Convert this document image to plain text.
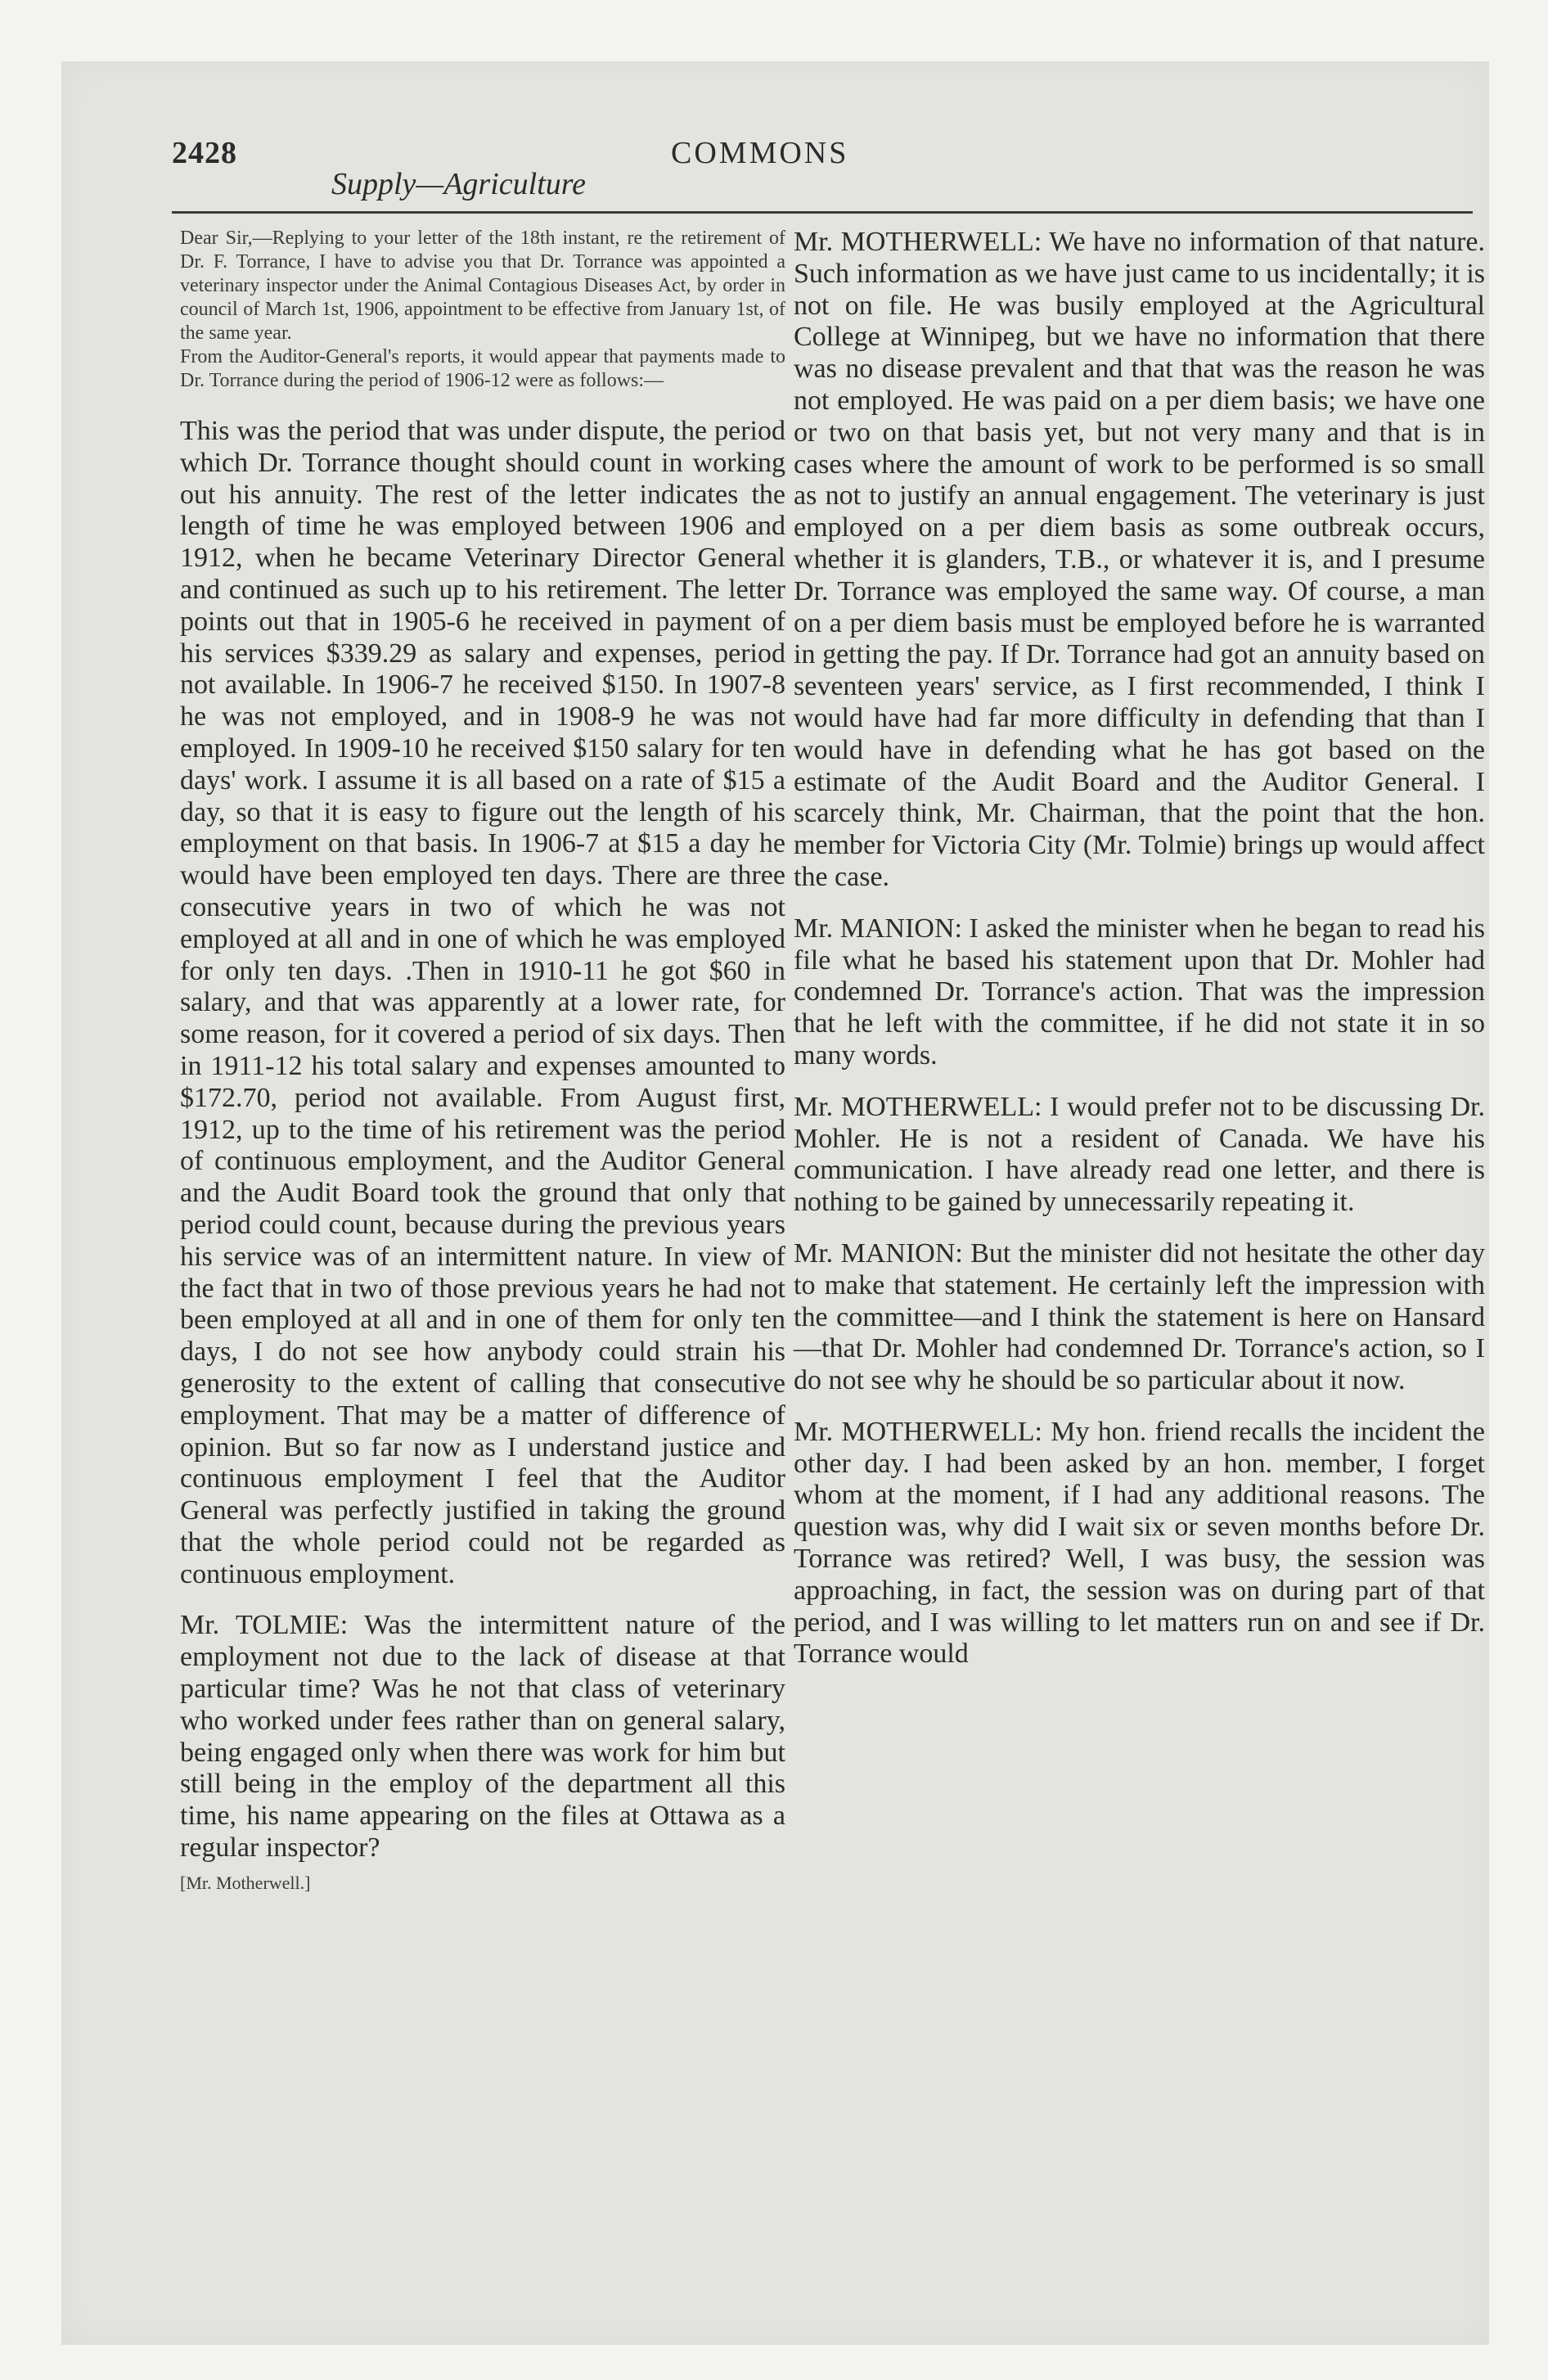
2428	COMMONS
Supply—Agriculture

Dear Sir,—Replying to your letter of the 18th instant, re the retirement of Dr. F. Torrance, I have to advise you that Dr. Torrance was appointed a veterinary inspector under the Animal Contagious Diseases Act, by order in council of March 1st, 1906, appointment to be effective from January 1st, of the same year.

From the Auditor-General's reports, it would appear that payments made to Dr. Torrance during the period of 1906-12 were as follows:—

This was the period that was under dispute, the period which Dr. Torrance thought should count in working out his annuity. The rest of the letter indicates the length of time he was employed between 1906 and 1912, when he became Veterinary Director General and continued as such up to his retirement. The letter points out that in 1905-6 he received in payment of his services $339.29 as salary and expenses, period not available. In 1906-7 he received $150. In 1907-8 he was not employed, and in 1908-9 he was not employed. In 1909-10 he received $150 salary for ten days' work. I assume it is all based on a rate of $15 a day, so that it is easy to figure out the length of his employment on that basis. In 1906-7 at $15 a day he would have been employed ten days. There are three consecutive years in two of which he was not employed at all and in one of which he was employed for only ten days. .Then in 1910-11 he got $60 in salary, and that was apparently at a lower rate, for some reason, for it covered a period of six days. Then in 1911-12 his total salary and expenses amounted to $172.70, period not available. From August first, 1912, up to the time of his retirement was the period of continuous employment, and the Auditor General and the Audit Board took the ground that only that period could count, because during the previous years his service was of an intermittent nature. In view of the fact that in two of those previous years he had not been employed at all and in one of them for only ten days, I do not see how anybody could strain his generosity to the extent of calling that consecutive employment. That may be a matter of difference of opinion. But so far now as I understand justice and continuous employment I feel that the Auditor General was perfectly justified in taking the ground that the whole period could not be regarded as continuous employment.

Mr. TOLMIE: Was the intermittent nature of the employment not due to the lack of disease at that particular time? Was he not that class of veterinary who worked under fees rather than on general salary, being engaged only when there was work for him but still being in the employ of the department all this time, his name appearing on the files at Ottawa as a regular inspector?

[Mr. Motherwell.]

Mr. MOTHERWELL: We have no information of that nature. Such information as we have just came to us incidentally; it is not on file. He was busily employed at the Agricultural College at Winnipeg, but we have no information that there was no disease prevalent and that that was the reason he was not employed. He was paid on a per diem basis; we have one or two on that basis yet, but not very many and that is in cases where the amount of work to be performed is so small as not to justify an annual engagement. The veterinary is just employed on a per diem basis as some outbreak occurs, whether it is glanders, T.B., or whatever it is, and I presume Dr. Torrance was employed the same way. Of course, a man on a per diem basis must be employed before he is warranted in getting the pay. If Dr. Torrance had got an annuity based on seventeen years' service, as I first recommended, I think I would have had far more difficulty in defending that than I would have in defending what he has got based on the estimate of the Audit Board and the Auditor General. I scarcely think, Mr. Chairman, that the point that the hon. member for Victoria City (Mr. Tolmie) brings up would affect the case.

Mr. MANION: I asked the minister when he began to read his file what he based his statement upon that Dr. Mohler had condemned Dr. Torrance's action. That was the impression that he left with the committee, if he did not state it in so many words.

Mr. MOTHERWELL: I would prefer not to be discussing Dr. Mohler. He is not a resident of Canada. We have his communication. I have already read one letter, and there is nothing to be gained by unnecessarily repeating it.

Mr. MANION: But the minister did not hesitate the other day to make that statement. He certainly left the impression with the committee—and I think the statement is here on Hansard—that Dr. Mohler had condemned Dr. Torrance's action, so I do not see why he should be so particular about it now.

Mr. MOTHERWELL: My hon. friend recalls the incident the other day. I had been asked by an hon. member, I forget whom at the moment, if I had any additional reasons. The question was, why did I wait six or seven months before Dr. Torrance was retired? Well, I was busy, the session was approaching, in fact, the session was on during part of that period, and I was willing to let matters run on and see if Dr. Torrance would
